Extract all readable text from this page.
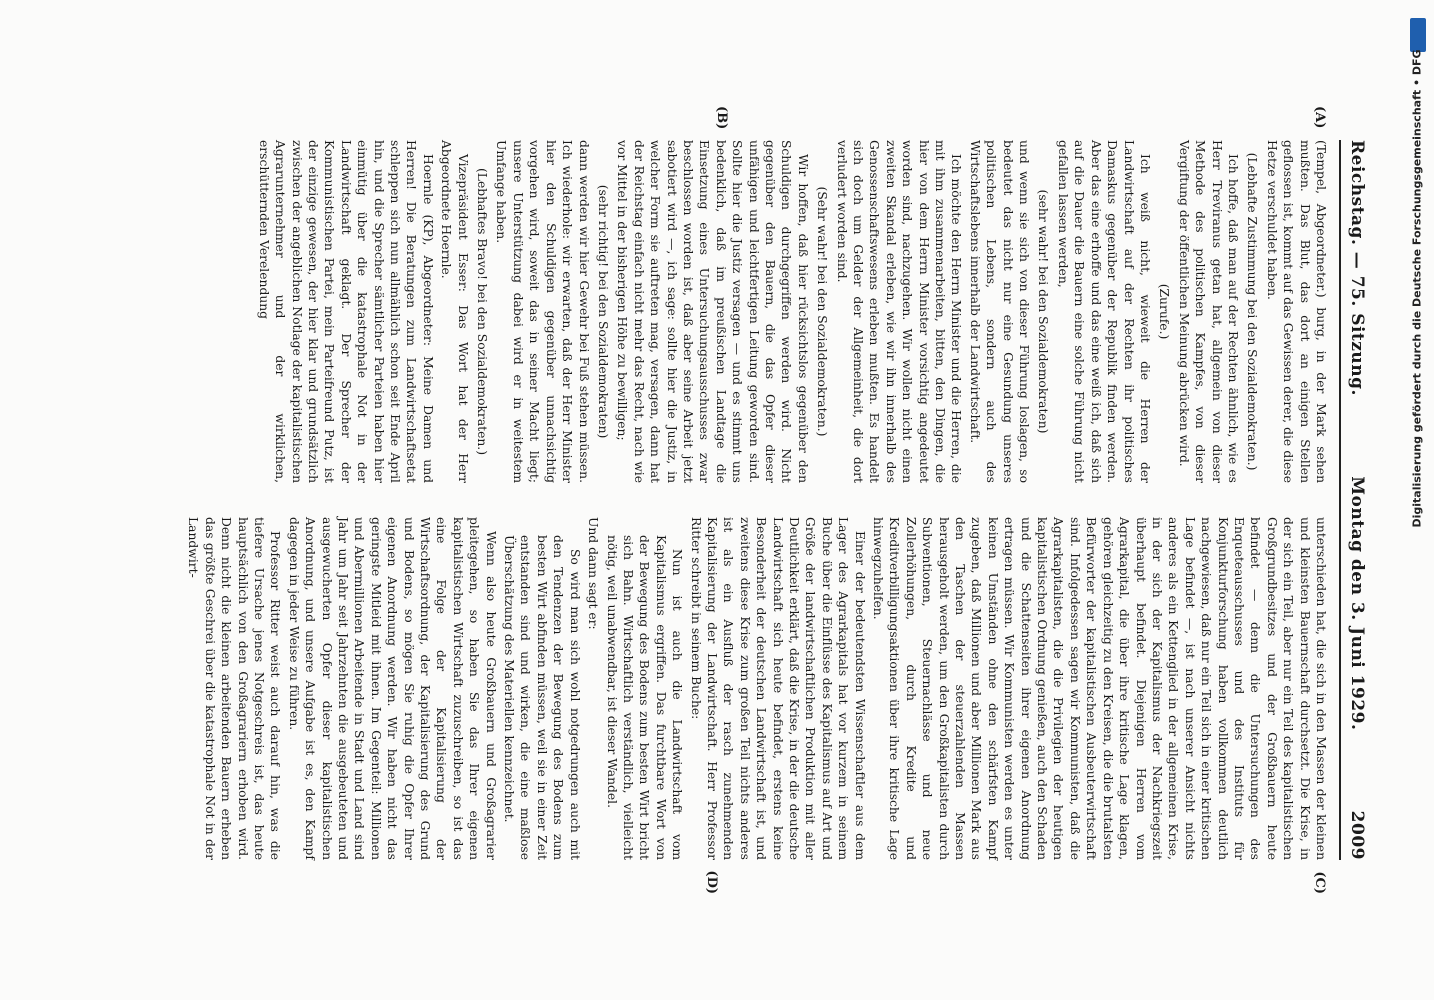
Reichstag. — 75. Sitzung.
Montag den 3. Juni 1929.
2009
(A)
(B)

(Tempel, Abgeordneter.) burg, in der Mark sehen mußten. Das Blut, das dort an einigen Stellen geflossen ist, kommt auf das Gewissen derer, die diese Hetze verschuldet haben.

(Lebhafte Zustimmung bei den Sozialdemokraten.)

Ich hoffe, daß man auf der Rechten ähnlich, wie es Herr Treviranus getan hat, allgemein von dieser Methode des politischen Kampfes, von dieser Vergiftung der öffentlichen Meinung abrücken wird.

(Zurufe.)

Ich weiß nicht, wieweit die Herren der Landwirtschaft auf der Rechten ihr politisches Damaskus gegenüber der Republik finden werden. Aber das eine erhoffe und das eine weiß ich, daß sich auf die Dauer die Bauern eine solche Führung nicht gefallen lassen werden,

(sehr wahr! bei den Sozialdemokraten)

und wenn sie sich von dieser Führung loslagen, so bedeutet das nicht nur eine Gesundung unseres politischen Lebens, sondern auch des Wirtschaftslebens innerhalb der Landwirtschaft.

Ich möchte den Herrn Minister und die Herren, die mit ihm zusammenarbeiten, bitten, den Dingen, die hier von dem Herrn Minister vorsichtig angedeutet worden sind, nachzugehen. Wir wollen nicht einen zweiten Skandal erleben, wie wir ihn innerhalb des Genossenschaftswesens erleben mußten. Es handelt sich doch um Gelder der Allgemeinheit, die dort verludert worden sind.

(Sehr wahr! bei den Sozialdemokraten.)

Wir hoffen, daß hier rücksichtslos gegenüber den Schuldigen durchgegriffen werden wird. Nicht gegenüber den Bauern, die das Opfer dieser unfähigen und leichtfertigen Leitung geworden sind. Sollte hier die Justiz versagen — und es stimmt uns bedenklich, daß im preußischen Landtage die Einsetzung eines Untersuchungsausschusses zwar beschlossen worden ist, daß aber seine Arbeit jetzt sabotiert wird —, ich sage: sollte hier die Justiz, in welcher Form sie auftreten mag, versagen, dann hat der Reichstag einfach nicht mehr das Recht, nach wie vor Mittel in der bisherigen Höhe zu bewilligen;

(sehr richtig! bei den Sozialdemokraten)

dann werden wir hier Gewehr bei Fuß stehen müssen. Ich wiederhole: wir erwarten, daß der Herr Minister hier den Schuldigen gegenüber unnachsichtig vorgehen wird, soweit das in seiner Macht liegt; unsere Unterstützung dabei wird er in weitestem Umfange haben.

(Lebhaftes Bravo! bei den Sozialdemokraten.)

Vizepräsident Esser: Das Wort hat der Herr Abgeordnete Hoernle.

Hoernle (KP), Abgeordneter: Meine Damen und Herren! Die Beratungen zum Landwirtschaftsetat schleppen sich nun allmählich schon seit Ende April hin, und die Sprecher sämtlicher Parteien haben hier einmütig über die katastrophale Not in der Landwirtschaft geklagt. Der Sprecher der Kommunistischen Partei, mein Parteifreund Putz, ist der einzige gewesen, der hier klar und grundsätzlich zwischen der angeblichen Notlage der kapitalistischen Agrarunternehmer und der wirklichen, erschütternden Verelendung

(C)
(D)

unterschieden hat, die sich in den Massen der kleinen und kleinsten Bauernschaft durchsetzt. Die Krise, in der sich ein Teil, aber nur ein Teil des kapitalistischen Großgrundbesitzes und der Großbauern heute befindet — denn die Untersuchungen des Enqueteausschusses und des Instituts für Konjunkturforschung haben vollkommen deutlich nachgewiesen, daß nur ein Teil sich in einer kritischen Lage befindet —, ist nach unserer Ansicht nichts anderes als ein Kettenglied in der allgemeinen Krise, in der sich der Kapitalismus der Nachkriegszeit überhaupt befindet. Diejenigen Herren vom Agrarkapital, die über ihre kritische Lage klagen, gehören gleichzeitig zu den Kreisen, die die brutalsten Befürworter der kapitalistischen Ausbeuterwirtschaft sind. Infolgedessen sagen wir Kommunisten, daß die Agrarkapitalisten, die die Privilegien der heutigen kapitalistischen Ordnung genießen, auch den Schaden und die Schattenseiten ihrer eigenen Anordnung ertragen müssen. Wir Kommunisten werden es unter keinen Umständen ohne den schärfsten Kampf zugeben, daß Millionen und aber Millionen Mark aus den Taschen der steuerzahlenden Massen herausgeholt werden, um den Großkapitalisten durch Subventionen, Steuernachlässe und neue Zollerhöhungen, durch Kredite und Kreditverbilligungsaktionen über ihre kritische Lage hinwegzuhelfen.

Einer der bedeutendsten Wissenschaftler aus dem Lager des Agrarkapitals hat vor kurzem in seinem Buche über die Einflüsse des Kapitalismus auf Art und Größe der landwirtschaftlichen Produktion mit aller Deutlichkeit erklärt, daß die Krise, in der die deutsche Landwirtschaft sich heute befindet, erstens keine Besonderheit der deutschen Landwirtschaft ist, und zweitens diese Krise zum großen Teil nichts anderes ist als ein Ausfluß der rasch zunehmenden Kapitalisierung der Landwirtschaft. Herr Professor Ritter schreibt in seinem Buche:

Nun ist auch die Landwirtschaft vom Kapitalismus ergriffen. Das furchtbare Wort von der Bewegung des Bodens zum besten Wirt bricht sich Bahn. Wirtschaftlich verständlich, vielleicht nötig, weil unabwendbar, ist dieser Wandel.

Und dann sagt er:

So wird man sich wohl notgedrungen auch mit den Tendenzen der Bewegung des Bodens zum besten Wirt abfinden müssen, weil sie in einer Zeit entstanden sind und wirken, die eine maßlose Überschätzung des Materiellen kennzeichnet.

Wenn also heute Großbauern und Großagrarier pleitegehen, so haben Sie das Ihrer eigenen kapitalistischen Wirtschaft zuzuschreiben, so ist das eine Folge der Kapitalisierung der Wirtschaftsordnung, der Kapitalisierung des Grund und Bodens, so mögen Sie ruhig die Opfer Ihrer eigenen Anordnung werden. Wir haben nicht das geringste Mitleid mit ihnen. Im Gegenteil: Millionen und Abermillionen Arbeitende in Stadt und Land sind Jahr um Jahr seit Jahrzehnten die ausgebeuteten und ausgewucherten Opfer dieser kapitalistischen Anordnung, und unsere Aufgabe ist es, den Kampf dagegen in jeder Weise zu führen.

Professor Ritter weist auch darauf hin, was die tiefere Ursache jenes Notgeschreis ist, das heute hauptsächlich von den Großagrariern erhoben wird. Denn nicht die kleinen arbeitenden Bauern erheben das größte Geschrei über die katastrophale Not in der Landwirt-

Digitalisierung gefördert durch die Deutsche Forschungsgemeinschaft • DFG
